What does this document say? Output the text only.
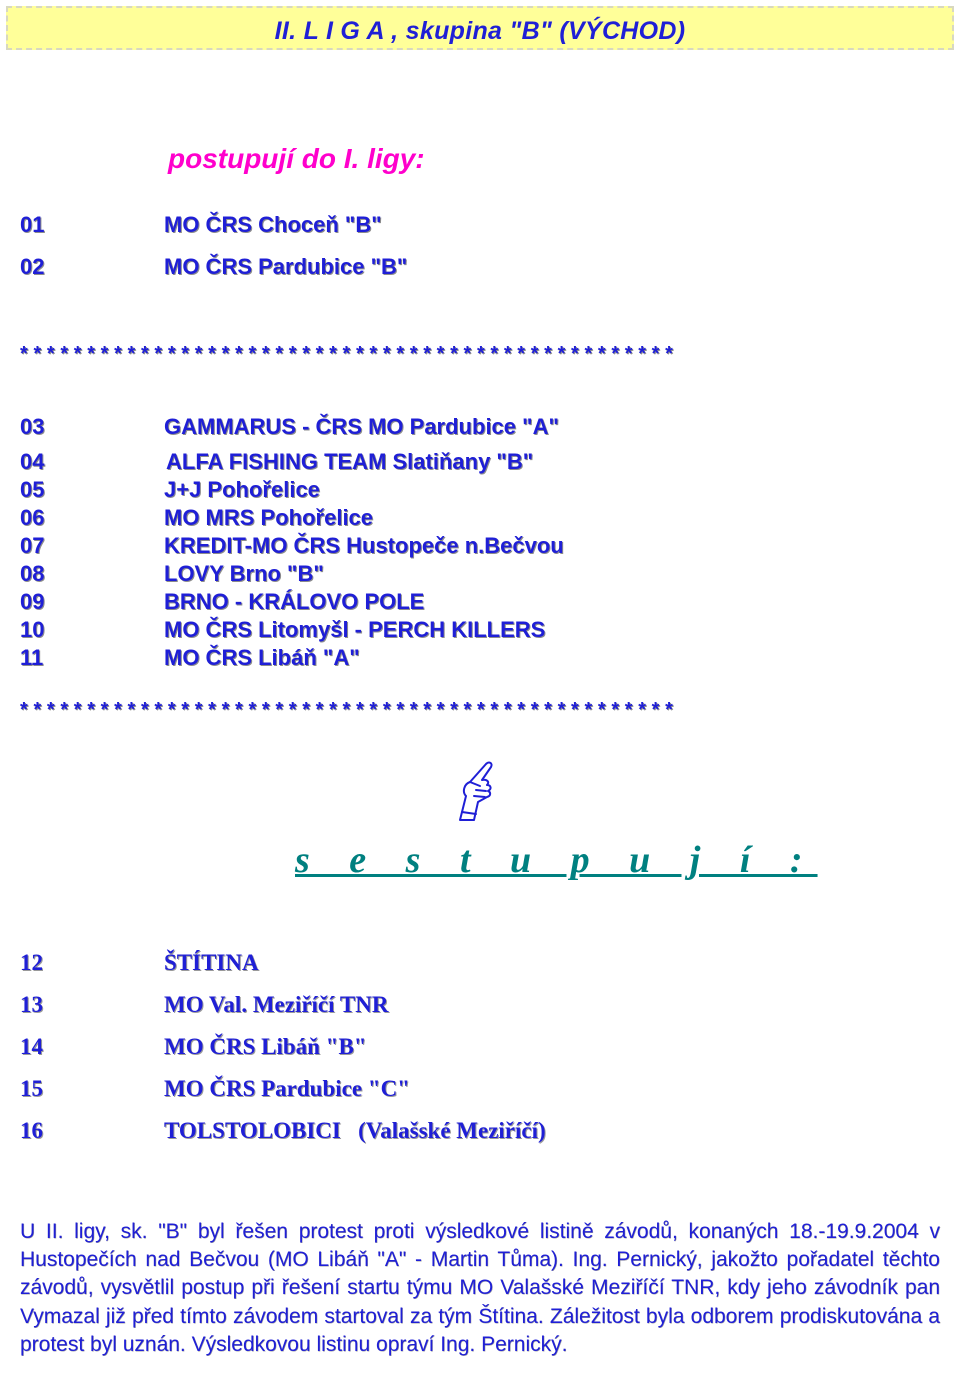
II. L I G A , skupina "B" (VÝCHOD)
postupují do I. ligy:
01	MO ČRS Choceň "B"
02	MO ČRS Pardubice "B"
* * * * * * * * * * * * * * * * * * * * * * * * * * * * * * * * * * * * * * * * * * * * * * * * *
03	GAMMARUS - ČRS MO Pardubice "A"
04	ALFA FISHING TEAM Slatiňany "B"
05	J+J Pohořelice
06	MO MRS Pohořelice
07	KREDIT-MO ČRS Hustopeče n.Bečvou
08	LOVY Brno "B"
09	BRNO - KRÁLOVO POLE
10	MO ČRS Litomyšl - PERCH KILLERS
11	MO ČRS Libáň "A"
* * * * * * * * * * * * * * * * * * * * * * * * * * * * * * * * * * * * * * * * * * * * * * * * *
s e s t u p u j í :
12	ŠTÍTINA
13	MO Val. Meziříčí TNR
14	MO ČRS Libáň "B"
15	MO ČRS Pardubice "C"
16	TOLSTOLOBICI   (Valašské Meziříčí)
U II. ligy, sk. "B" byl řešen protest proti výsledkové listině závodů, konaných 18.-19.9.2004 v Hustopečích nad Bečvou (MO Libáň "A" - Martin Tůma). Ing. Pernický, jakožto pořadatel těchto závodů, vysvětlil postup při řešení startu týmu MO Valašské Meziříčí TNR, kdy jeho závodník pan Vymazal již před tímto závodem startoval za tým Štítina. Záležitost byla odborem prodiskutována a protest byl uznán. Výsledkovou listinu opraví Ing. Pernický.
